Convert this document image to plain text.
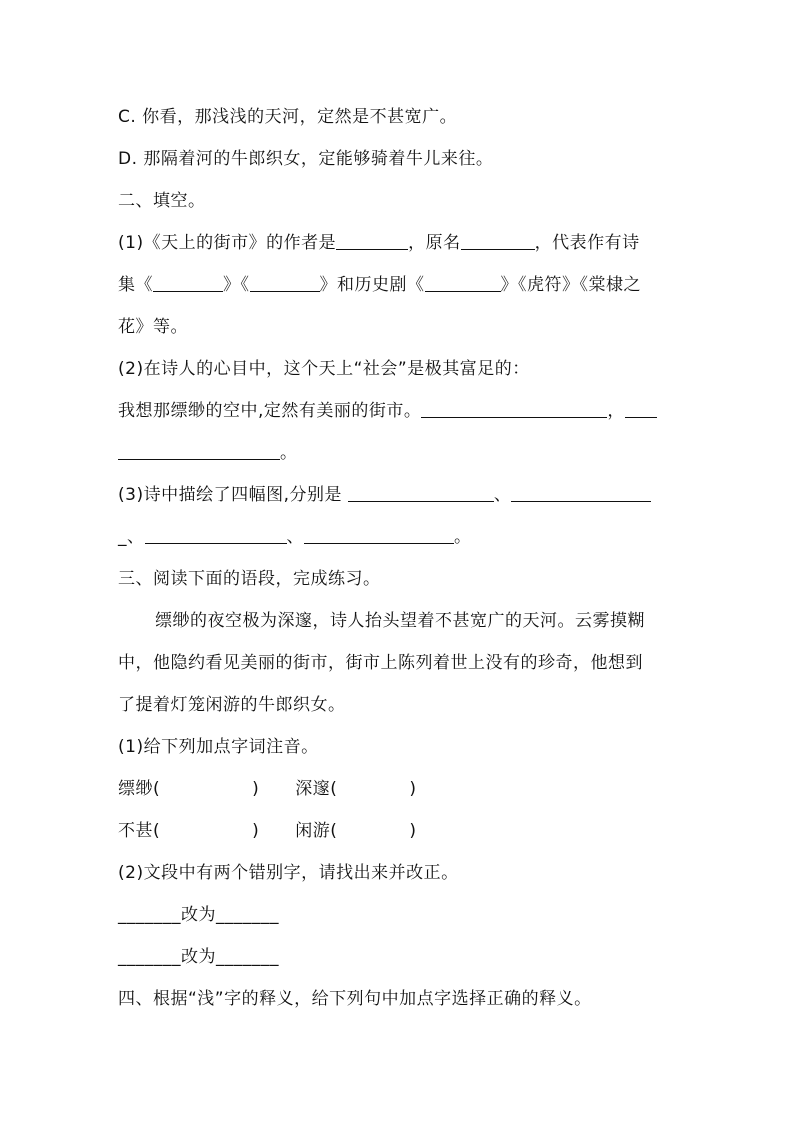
C. 你看，那浅浅的天河，定然是不甚宽广。
D. 那隔着河的牛郎织女，定能够骑着牛儿来往。
二、填空。
(1)《天上的街市》的作者是	，原名	，代表作有诗
集《	》《	》和历史剧《	》《虎符》《棠棣之
花》等。
(2)在诗人的心目中，这个天上“社会”是极其富足的：
我想那缥缈的空中,定然有美丽的街市。	，
。
(3)诗中描绘了四幅图,分别是	、
_、	、	。
三、阅读下面的语段，完成练习。
缥缈的夜空极为深邃，诗人抬头望着不甚宽广的天河。云雾摸糊
中，他隐约看见美丽的街市，街市上陈列着世上没有的珍奇，他想到
了提着灯笼闲游的牛郎织女。
(1)给下列加点字词注音。
缥缈(	) 深邃(	)
不甚(	) 闲游(	)
(2)文段中有两个错别字，请找出来并改正。
_______改为_______
_______改为_______
四、根据“浅”字的释义，给下列句中加点字选择正确的释义。
